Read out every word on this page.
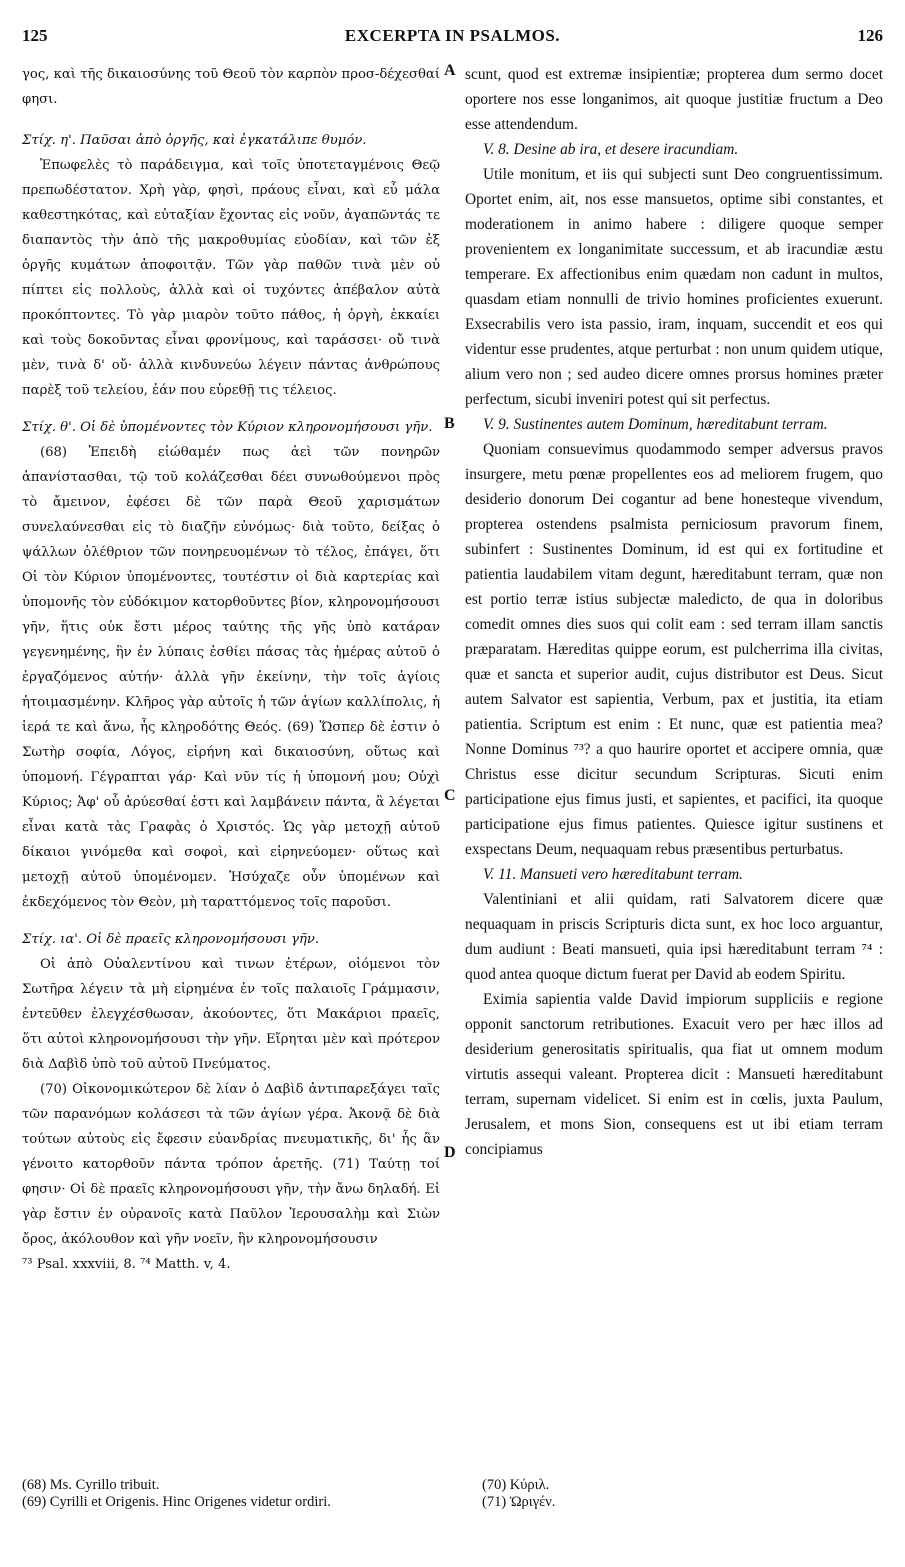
125	EXCERPTA IN PSALMOS.	126

γος, καὶ τῆς δικαιοσύνης τοῦ Θεοῦ τὸν καρπὸν προσ-δέχεσθαί φησι.

Στίχ. η'. Παῦσαι ἀπὸ ὀργῆς, καὶ ἐγκατάλιπε θυμόν.

Ἐπωφελὲς τὸ παράδειγμα, καὶ τοῖς ὑποτεταγμένοις Θεῷ πρεπωδέστατον. Χρὴ γὰρ, φησὶ, πράους εἶναι, καὶ εὖ μάλα καθεστηκότας, καὶ εὐταξίαν ἔχοντας εἰς νοῦν, ἀγαπῶντάς τε διαπαντὸς τὴν ἀπὸ τῆς μακροθυμίας εὐοδίαν, καὶ τῶν ἐξ ὀργῆς κυμάτων ἀποφοιτᾷν. Τῶν γὰρ παθῶν τινὰ μὲν οὐ πίπτει εἰς πολλοὺς, ἀλλὰ καὶ οἱ τυχόντες ἀπέβαλον αὐτὰ προκόπτοντες. Τὸ γὰρ μιαρὸν τοῦτο πάθος, ἡ ὀργὴ, ἐκκαίει καὶ τοὺς δοκοῦντας εἶναι φρονίμους, καὶ ταράσσει· οὔ τινὰ μὲν, τινὰ δ' οὔ· ἀλλὰ κινδυνεύω λέγειν πάντας ἀνθρώπους παρὲξ τοῦ τελείου, ἐάν που εὑρεθῇ τις τέλειος.

Στίχ. θ'. Οἱ δὲ ὑπομένοντες τὸν Κύριον κληρονομήσουσι γῆν.

(68) Ἐπειδὴ εἰώθαμέν πως ἀεὶ τῶν πονηρῶν ἀπανίστασθαι, τῷ τοῦ κολάζεσθαι δέει συνωθούμενοι πρὸς τὸ ἄμεινον, ἐφέσει δὲ τῶν παρὰ Θεοῦ χαρισμάτων συνελαύνεσθαι εἰς τὸ διαζῆν εὐνόμως· διὰ τοῦτο, δείξας ὁ ψάλλων ὀλέθριον τῶν πονηρευομένων τὸ τέλος, ἐπάγει, ὅτι Οἱ τὸν Κύριον ὑπομένοντες, τουτέστιν οἱ διὰ καρτερίας καὶ ὑπομονῆς τὸν εὐδόκιμον κατορθοῦντες βίον, κληρονομήσουσι γῆν, ἥτις οὐκ ἔστι μέρος ταύτης τῆς γῆς ὑπὸ κατάραν γεγενημένης, ἣν ἐν λύπαις ἐσθίει πάσας τὰς ἡμέρας αὐτοῦ ὁ ἐργαζόμενος αὐτήν· ἀλλὰ γῆν ἐκείνην, τὴν τοῖς ἁγίοις ἡτοιμασμένην. Κλῆρος γὰρ αὐτοῖς ἡ τῶν ἁγίων καλλίπολις, ἡ ἱερά τε καὶ ἄνω, ἧς κληροδότης Θεός. (69) Ὥσπερ δὲ ἐστιν ὁ Σωτὴρ σοφία, Λόγος, εἰρήνη καὶ δικαιοσύνη, οὕτως καὶ ὑπομονή. Γέγραπται γάρ· Καὶ νῦν τίς ἡ ὑπομονή μου; Οὐχὶ Κύριος; Ἀφ' οὗ ἀρύεσθαί ἐστι καὶ λαμβάνειν πάντα, ἃ λέγεται εἶναι κατὰ τὰς Γραφὰς ὁ Χριστός. Ὡς γὰρ μετοχῇ αὐτοῦ δίκαιοι γινόμεθα καὶ σοφοὶ, καὶ εἰρηνεύομεν· οὕτως καὶ μετοχῇ αὐτοῦ ὑπομένομεν. Ἡσύχαζε οὖν ὑπομένων καὶ ἐκδεχόμενος τὸν Θεὸν, μὴ ταραττόμενος τοῖς παροῦσι.

Στίχ. ια'. Οἱ δὲ πραεῖς κληρονομήσουσι γῆν.

Οἱ ἀπὸ Οὐαλεντίνου καὶ τινων ἑτέρων, οἰόμενοι τὸν Σωτῆρα λέγειν τὰ μὴ εἰρημένα ἐν τοῖς παλαιοῖς Γράμμασιν, ἐντεῦθεν ἐλεγχέσθωσαν, ἀκούοντες, ὅτι Μακάριοι πραεῖς, ὅτι αὐτοὶ κληρονομήσουσι τὴν γῆν. Εἴρηται μὲν καὶ πρότερον διὰ Δαβὶδ ὑπὸ τοῦ αὐτοῦ Πνεύματος.

(70) Οἰκονομικώτερον δὲ λίαν ὁ Δαβὶδ ἀντιπαρεξάγει ταῖς τῶν παρανόμων κολάσεσι τὰ τῶν ἁγίων γέρα. Ἀκονᾷ δὲ διὰ τούτων αὐτοὺς εἰς ἔφεσιν εὐανδρίας πνευματικῆς, δι' ἧς ἂν γένοιτο κατορθοῦν πάντα τρόπον ἀρετῆς. (71) Ταύτῃ τοί φησιν· Οἱ δὲ πραεῖς κληρονομήσουσι γῆν, τὴν ἄνω δηλαδή. Εἰ γὰρ ἔστιν ἐν οὐρανοῖς κατὰ Παῦλον Ἱερουσαλὴμ καὶ Σιὼν ὄρος, ἀκόλουθον καὶ γῆν νοεῖν, ἣν κληρονομήσουσιν

⁷³ Psal. xxxviii, 8. ⁷⁴ Matth. v, 4.

scunt, quod est extremæ insipientiæ; propterea dum sermo docet oportere nos esse longanimos, ait quoque justitiæ fructum a Deo esse attendendum.

V. 8. Desine ab ira, et desere iracundiam.

Utile monitum, et iis qui subjecti sunt Deo congruentissimum. Oportet enim, ait, nos esse mansuetos, optime sibi constantes, et moderationem in animo habere : diligere quoque semper provenientem ex longanimitate successum, et ab iracundiæ æstu temperare. Ex affectionibus enim quædam non cadunt in multos, quasdam etiam nonnulli de trivio homines proficientes exuerunt. Exsecrabilis vero ista passio, iram, inquam, succendit et eos qui videntur esse prudentes, atque perturbat : non unum quidem utique, alium vero non ; sed audeo dicere omnes prorsus homines præter perfectum, sicubi inveniri potest qui sit perfectus.

V. 9. Sustinentes autem Dominum, hæreditabunt terram.

Quoniam consuevimus quodammodo semper adversus pravos insurgere, metu pœnæ propellentes eos ad meliorem frugem, quo desiderio donorum Dei cogantur ad bene honesteque vivendum, propterea ostendens psalmista perniciosum pravorum finem, subinfert : Sustinentes Dominum, id est qui ex fortitudine et patientia laudabilem vitam degunt, hæreditabunt terram, quæ non est portio terræ istius subjectæ maledicto, de qua in doloribus comedit omnes dies suos qui colit eam : sed terram illam sanctis præparatam. Hæreditas quippe eorum, est pulcherrima illa civitas, quæ et sancta et superior audit, cujus distributor est Deus. Sicut autem Salvator est sapientia, Verbum, pax et justitia, ita etiam patientia. Scriptum est enim : Et nunc, quæ est patientia mea? Nonne Dominus ⁷³? a quo haurire oportet et accipere omnia, quæ Christus esse dicitur secundum Scripturas. Sicuti enim participatione ejus fimus justi, et sapientes, et pacifici, ita quoque participatione ejus fimus patientes. Quiesce igitur sustinens et exspectans Deum, nequaquam rebus præsentibus perturbatus.

V. 11. Mansueti vero hæreditabunt terram.

Valentiniani et alii quidam, rati Salvatorem dicere quæ nequaquam in priscis Scripturis dicta sunt, ex hoc loco arguantur, dum audiunt : Beati mansueti, quia ipsi hæreditabunt terram ⁷⁴ : quod antea quoque dictum fuerat per David ab eodem Spiritu.

Eximia sapientia valde David impiorum suppliciis e regione opponit sanctorum retributiones. Exacuit vero per hæc illos ad desiderium generositatis spiritualis, qua fiat ut omnem modum virtutis assequi valeant. Propterea dicit : Mansueti hæreditabunt terram, supernam videlicet. Si enim est in cœlis, juxta Paulum, Jerusalem, et mons Sion, consequens est ut ibi etiam terram concipiamus

A
B
C
D

(68) Ms. Cyrillo tribuit.

(69) Cyrilli et Origenis. Hinc Origenes videtur ordiri.

(70) Κύριλ.

(71) Ὠριγέν.
